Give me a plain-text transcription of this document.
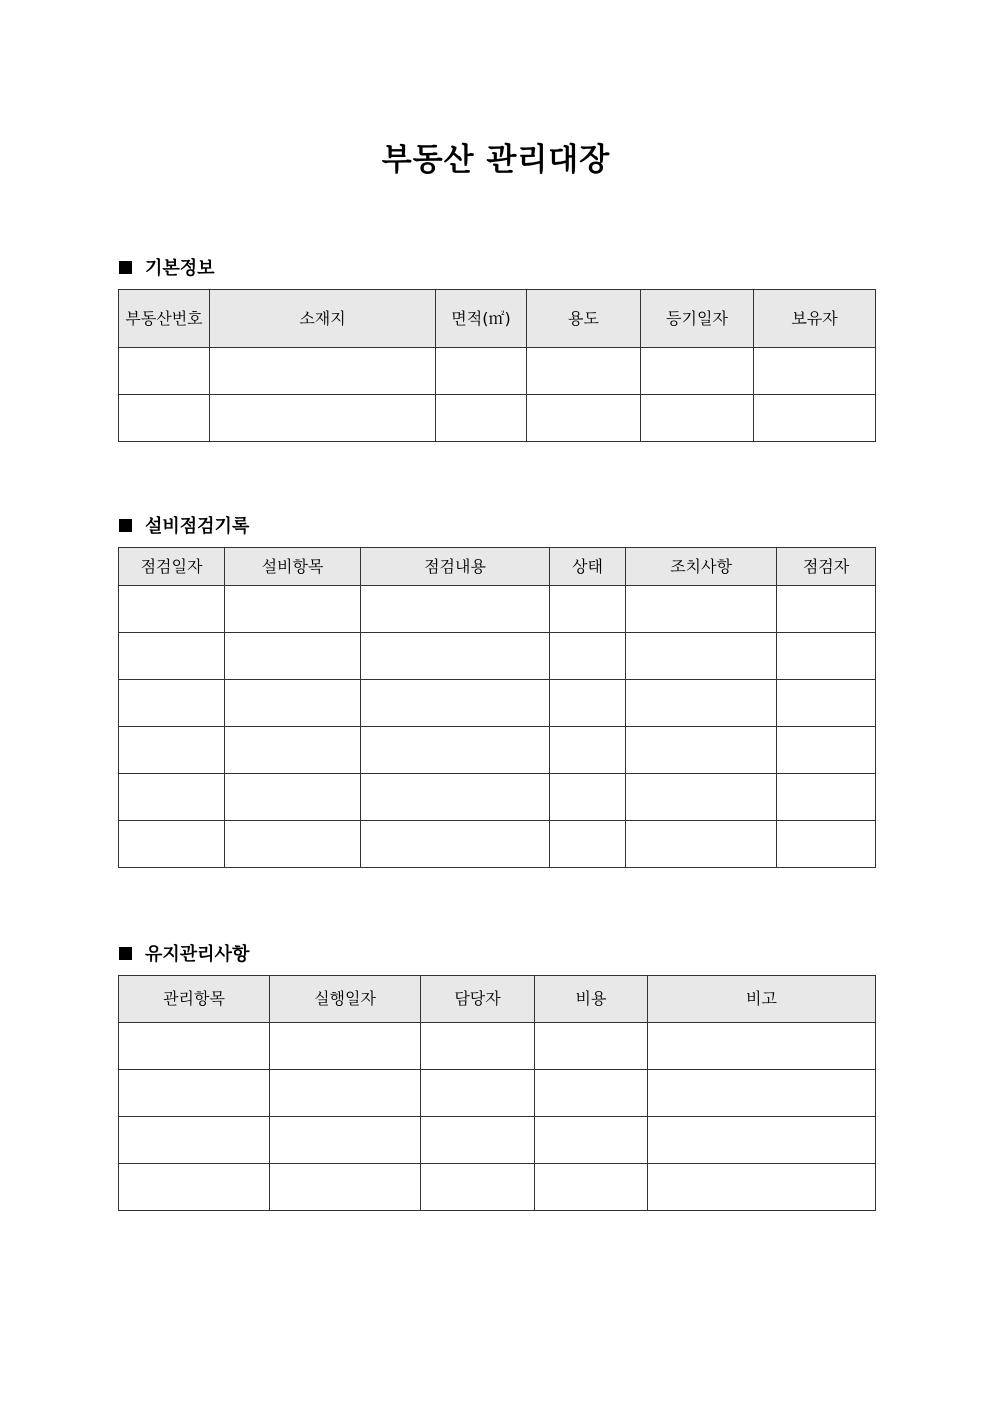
부동산 관리대장
기본정보
부동산번호	소재지	면적(㎡)	용도	등기일자	보유자

설비점검기록
점검일자	설비항목	점검내용	상태	조치사항	점검자

유지관리사항
관리항목	실행일자	담당자	비용	비고
